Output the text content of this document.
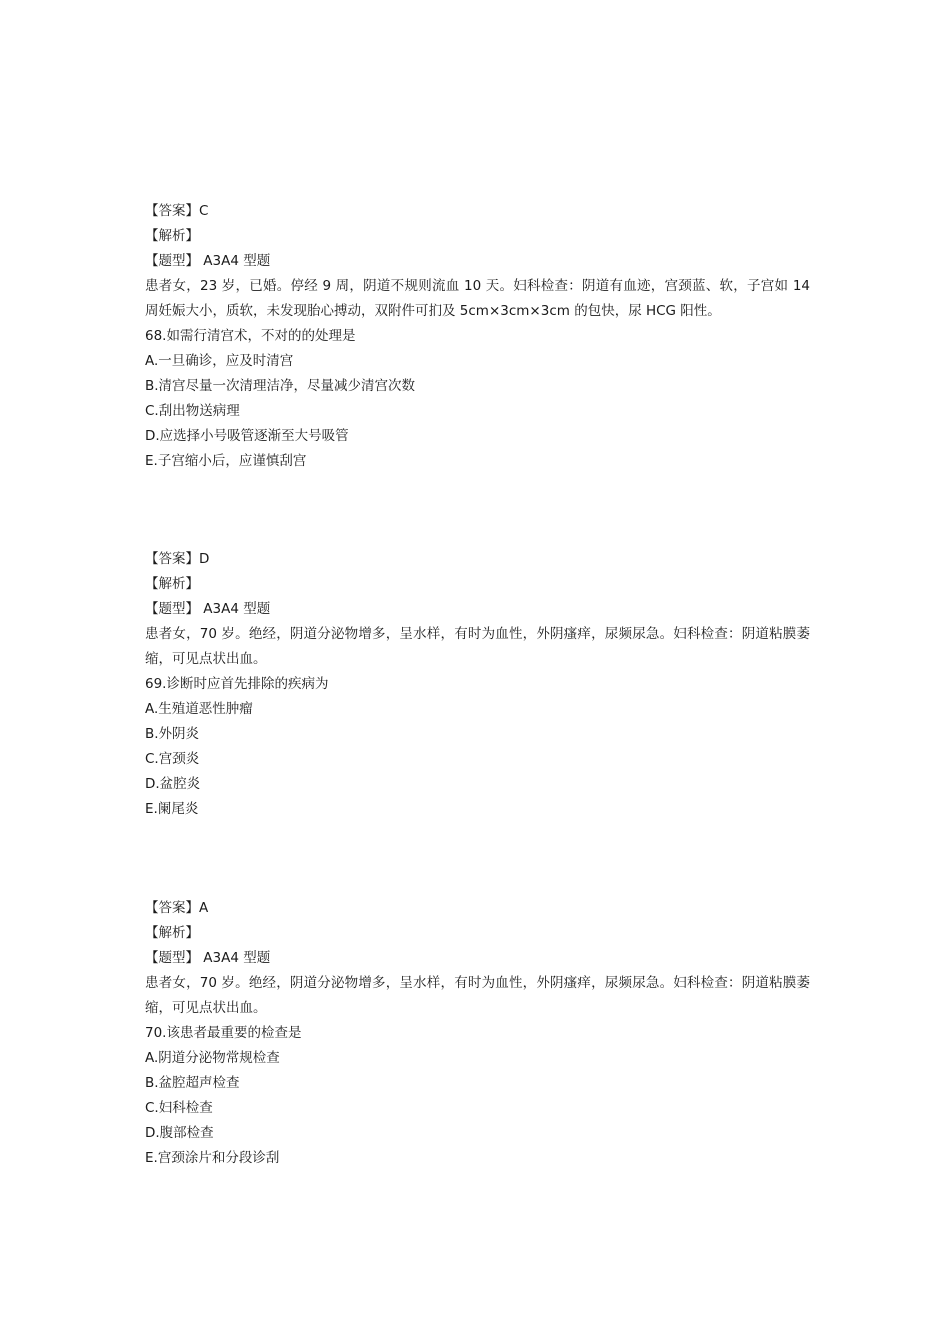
【答案】C

【解析】

【题型】 A3A4 型题

患者女，23 岁，已婚。停经 9 周，阴道不规则流血 10 天。妇科检查：阴道有血迹，宫颈蓝、软，子宫如 14 周妊娠大小，质软，未发现胎心搏动，双附件可扪及 5cm×3cm×3cm 的包快，尿 HCG 阳性。

68.如需行清宫术，不对的的处理是

A.一旦确诊，应及时清宫

B.清宫尽量一次清理洁净，尽量减少清宫次数

C.刮出物送病理

D.应选择小号吸管逐渐至大号吸管

E.子宫缩小后，应谨慎刮宫

【答案】D

【解析】

【题型】 A3A4 型题

患者女，70 岁。绝经，阴道分泌物增多，呈水样，有时为血性，外阴瘙痒，尿频尿急。妇科检查：阴道粘膜萎缩，可见点状出血。

69.诊断时应首先排除的疾病为

A.生殖道恶性肿瘤

B.外阴炎

C.宫颈炎

D.盆腔炎

E.阑尾炎

【答案】A

【解析】

【题型】 A3A4 型题

患者女，70 岁。绝经，阴道分泌物增多，呈水样，有时为血性，外阴瘙痒，尿频尿急。妇科检查：阴道粘膜萎缩，可见点状出血。

70.该患者最重要的检查是

A.阴道分泌物常规检查

B.盆腔超声检查

C.妇科检查

D.腹部检查

E.宫颈涂片和分段诊刮
